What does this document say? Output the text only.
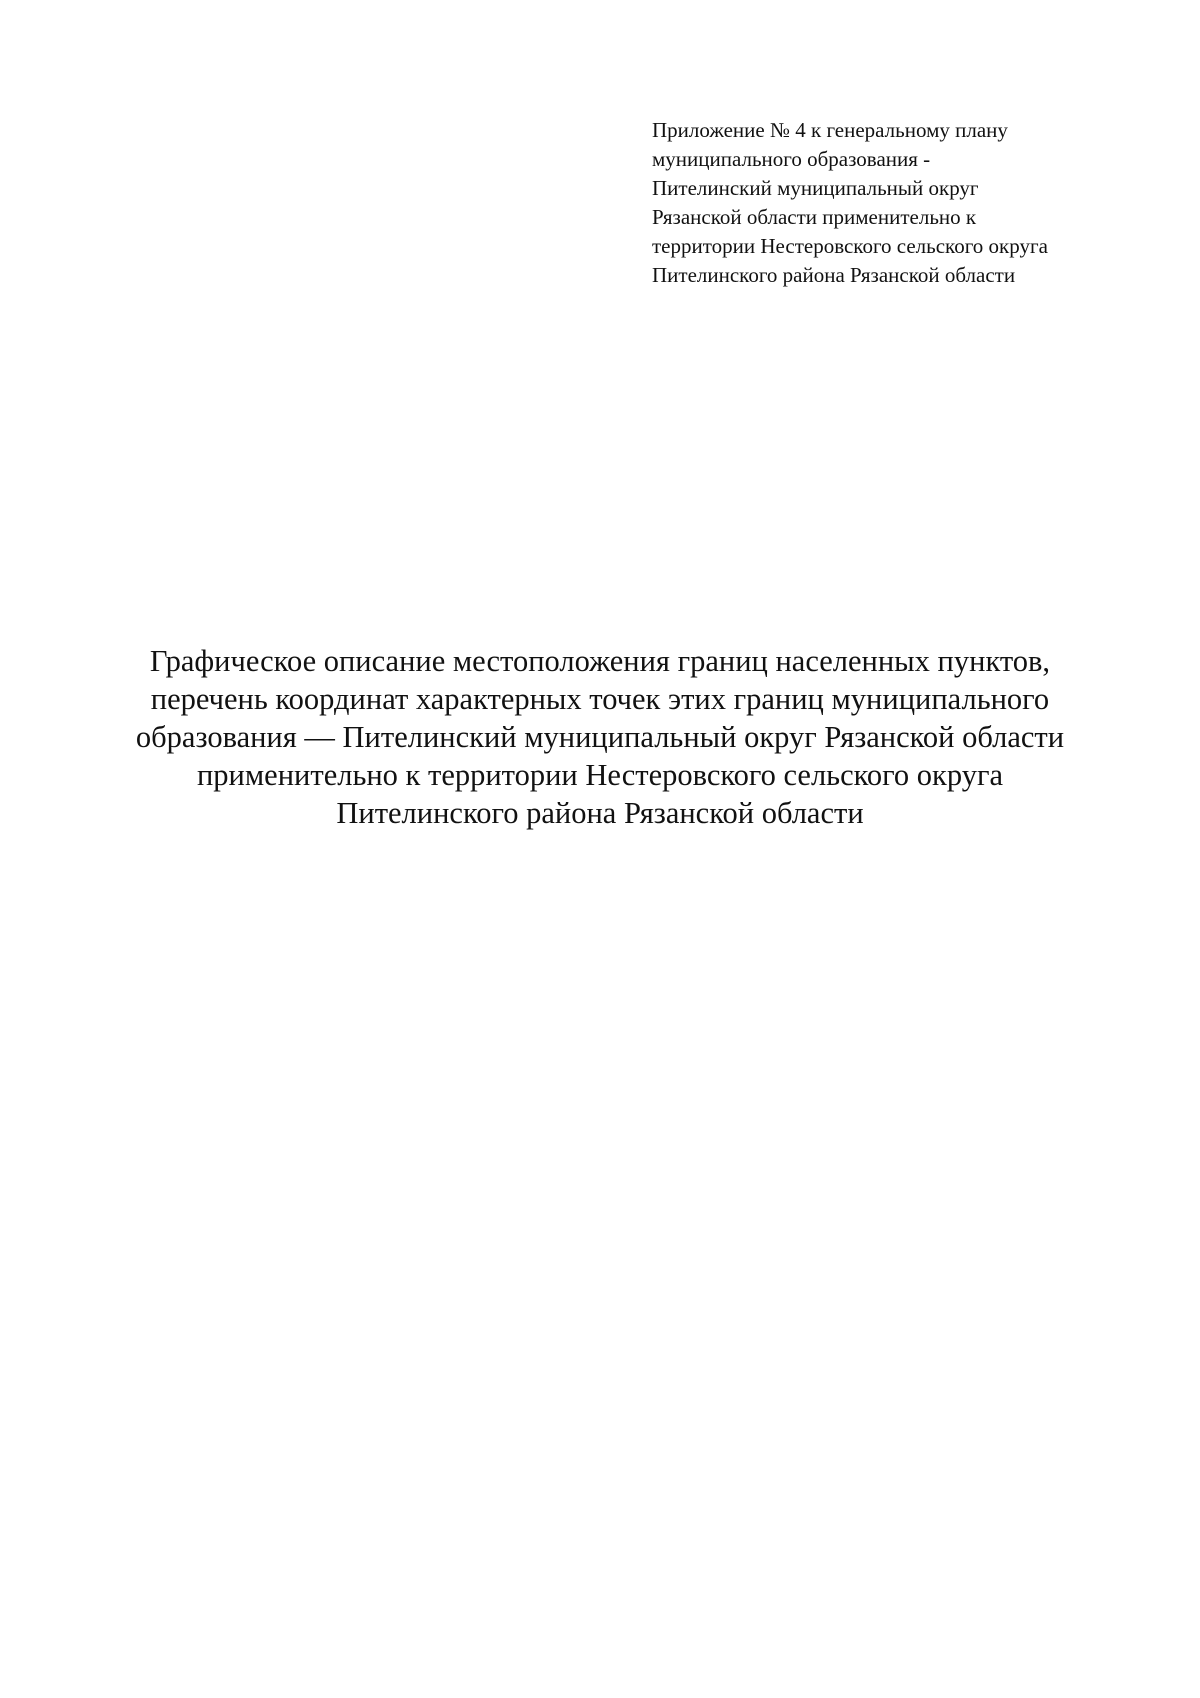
Приложение № 4 к генеральному плану
муниципального образования -
Пителинский муниципальный округ
Рязанской области применительно к
территории Нестеровского сельского округа
Пителинского района Рязанской области
Графическое описание местоположения границ населенных пунктов,
перечень координат характерных точек этих границ муниципального
образования — Пителинский муниципальный округ Рязанской области
применительно к территории Нестеровского сельского округа
Пителинского района Рязанской области
